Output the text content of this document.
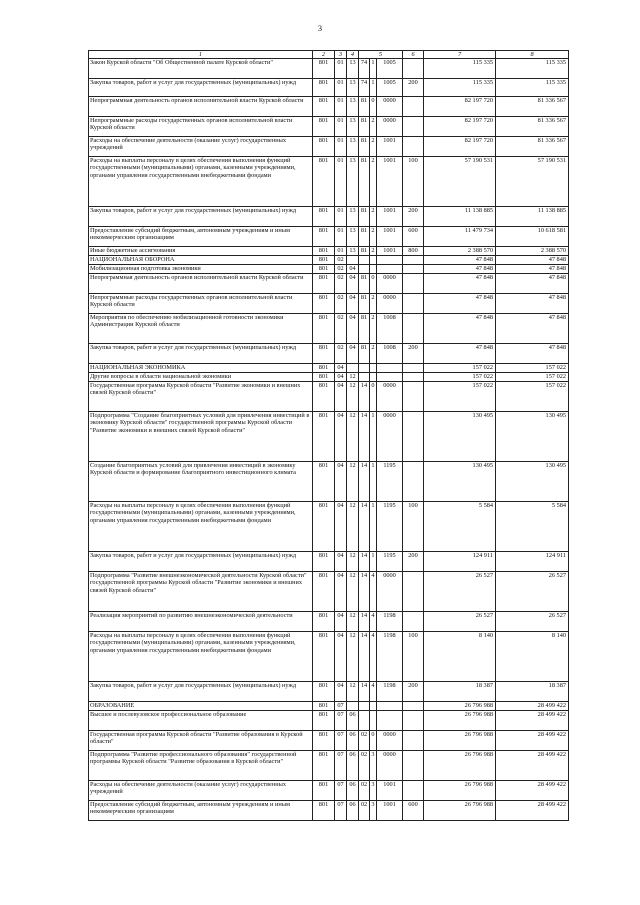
3
1	2	3	4	5			6	7	8
Закон Курской области "Об Общественной палате Курской области"	801	01	13	74	1	1005		115 335	115 335
Закупка товаров, работ и услуг для государственных (муниципальных) нужд	801	01	13	74	1	1005	200	115 335	115 335
Непрограммная деятельность органов исполнительной власти Курской области	801	01	13	81	0	0000		82 197 720	81 336 567
Непрограммные расходы государственных органов исполнительной власти Курской области	801	01	13	81	2	0000		82 197 720	81 336 567
Расходы на обеспечение деятельности (оказание услуг) государственных учреждений	801	01	13	81	2	1001		82 197 720	81 336 567
Расходы на выплаты персоналу в целях обеспечения выполнения функций государственными (муниципальными) органами, казенными учреждениями, органами управления государственными внебюджетными фондами	801	01	13	81	2	1001	100	57 190 531	57 190 531
Закупка товаров, работ и услуг для государственных (муниципальных) нужд	801	01	13	81	2	1001	200	11 138 885	11 138 885
Предоставление субсидий бюджетным, автономным учреждениям и иным некоммерческим организациям	801	01	13	81	2	1001	600	11 479 734	10 618 581
Иные бюджетные ассигнования	801	01	13	81	2	1001	800	2 388 570	2 388 570
НАЦИОНАЛЬНАЯ ОБОРОНА	801	02						47 848	47 848
Мобилизационная подготовка экономики	801	02	04					47 848	47 848
Непрограммная деятельность органов исполнительной власти Курской области	801	02	04	81	0	0000		47 848	47 848
Непрограммные расходы государственных органов исполнительной власти Курской области	801	02	04	81	2	0000		47 848	47 848
Мероприятия по обеспечению мобилизационной готовности экономики Администрации Курской области	801	02	04	81	2	1008		47 848	47 848
Закупка товаров, работ и услуг для государственных (муниципальных) нужд	801	02	04	81	2	1008	200	47 848	47 848
НАЦИОНАЛЬНАЯ ЭКОНОМИКА	801	04						157 022	157 022
Другие вопросы в области национальной экономики	801	04	12					157 022	157 022
Государственная программа Курской области "Развитие экономики и внешних связей Курской области"	801	04	12	14	0	0000		157 022	157 022
Подпрограмма "Создание благоприятных условий для привлечения инвестиций в экономику Курской области" государственной программы Курской области "Развитие экономики и внешних связей Курской области"	801	04	12	14	1	0000		130 495	130 495
Создание благоприятных условий для привлечения инвестиций в экономику Курской области и формирование благоприятного инвестиционного климата	801	04	12	14	1	1195		130 495	130 495
Расходы на выплаты персоналу в целях обеспечения выполнения функций государственными (муниципальными) органами, казенными учреждениями, органами управления государственными внебюджетными фондами	801	04	12	14	1	1195	100	5 584	5 584
Закупка товаров, работ и услуг для государственных (муниципальных) нужд	801	04	12	14	1	1195	200	124 911	124 911
Подпрограмма "Развитие внешнеэкономической деятельности Курской области" государственной программы Курской области "Развитие экономики и внешних связей Курской области"	801	04	12	14	4	0000		26 527	26 527
Реализация мероприятий по развитию внешнеэкономической деятельности	801	04	12	14	4	1198		26 527	26 527
Расходы на выплаты персоналу в целях обеспечения выполнения функций государственными (муниципальными) органами, казенными учреждениями, органами управления государственными внебюджетными фондами	801	04	12	14	4	1198	100	8 140	8 140
Закупка товаров, работ и услуг для государственных (муниципальных) нужд	801	04	12	14	4	1198	200	18 387	18 387
ОБРАЗОВАНИЕ	801	07						26 796 988	28 499 422
Высшее и послевузовское профессиональное образование	801	07	06					26 796 988	28 499 422
Государственная программа Курской области "Развитие образования в Курской области"	801	07	06	02	0	0000		26 796 988	28 499 422
Подпрограмма "Развитие профессионального образования" государственной программы Курской области "Развитие образования в Курской области"	801	07	06	02	3	0000		26 796 988	28 499 422
Расходы на обеспечение деятельности (оказание услуг) государственных учреждений	801	07	06	02	3	1001		26 796 988	28 499 422
Предоставление субсидий бюджетным, автономным учреждениям и иным некоммерческим организациям	801	07	06	02	3	1001	600	26 796 988	28 499 422
